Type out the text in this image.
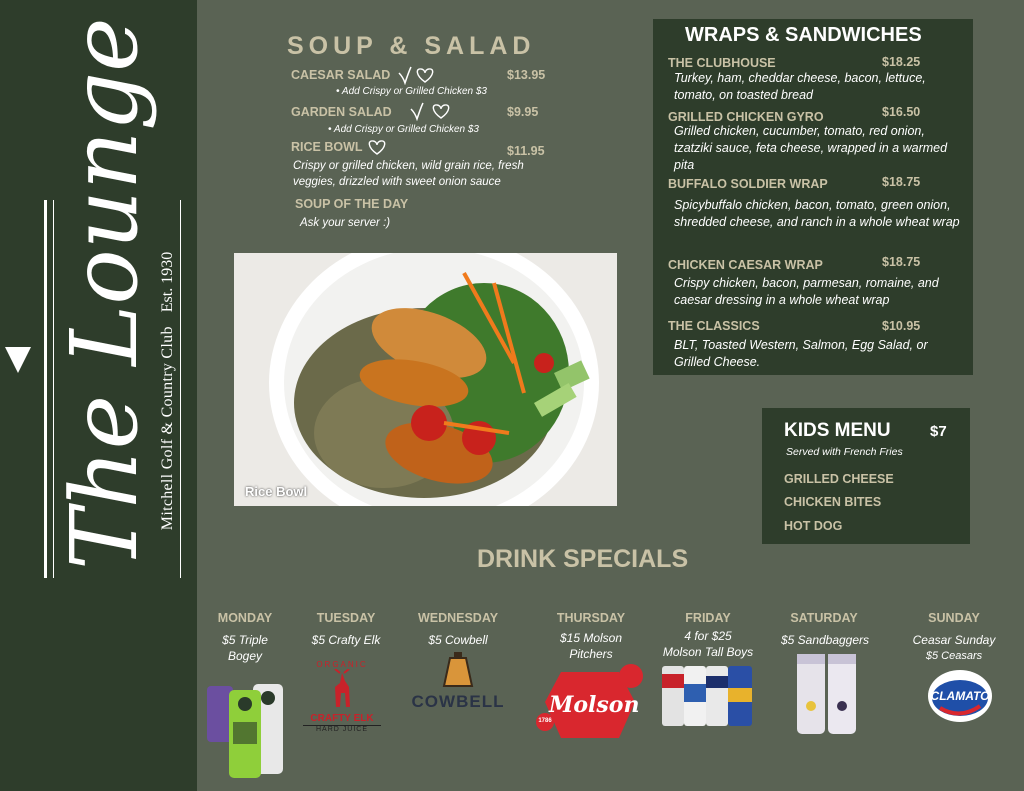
The Lounge Mitchell Golf & Country Club
Est. 1930
SOUP & SALAD
CAESAR SALAD	$13.95
• Add Crispy or Grilled Chicken $3
GARDEN SALAD	$9.95
• Add Crispy or Grilled Chicken $3
RICE BOWL	$11.95
Crispy or grilled chicken, wild grain rice, fresh veggies, drizzled with sweet onion sauce
SOUP OF THE DAY
Ask your server :)
Rice Bowl
WRAPS & SANDWICHES
THE CLUBHOUSE	$18.25
Turkey, ham, cheddar cheese, bacon, lettuce, tomato, on toasted bread
GRILLED CHICKEN GYRO	$16.50
Grilled chicken, cucumber, tomato, red onion, tzatziki sauce, feta cheese, wrapped in a warmed pita
BUFFALO SOLDIER WRAP	$18.75
Spicybuffalo chicken, bacon, tomato, green onion, shredded cheese, and ranch in a whole wheat wrap
CHICKEN CAESAR WRAP	$18.75
Crispy chicken, bacon, parmesan, romaine, and caesar dressing in a whole wheat wrap
THE CLASSICS	$10.95
BLT, Toasted Western, Salmon, Egg Salad, or Grilled Cheese.
KIDS MENU	$7
Served with French Fries
GRILLED CHEESE
CHICKEN BITES
HOT DOG
DRINK SPECIALS
MONDAY
$5 Triple
Bogey
TUESDAY
$5 Crafty Elk
ORGANIC
CRAFTY ELK
HARD JUICE
WEDNESDAY
$5 Cowbell
COWBELL
THURSDAY
$15 Molson
Pitchers
Molson
1786
FRIDAY
4 for $25
Molson Tall Boys
SATURDAY
$5 Sandbaggers
SUNDAY
Ceasar Sunday
$5 Ceasars
CLAMATO
